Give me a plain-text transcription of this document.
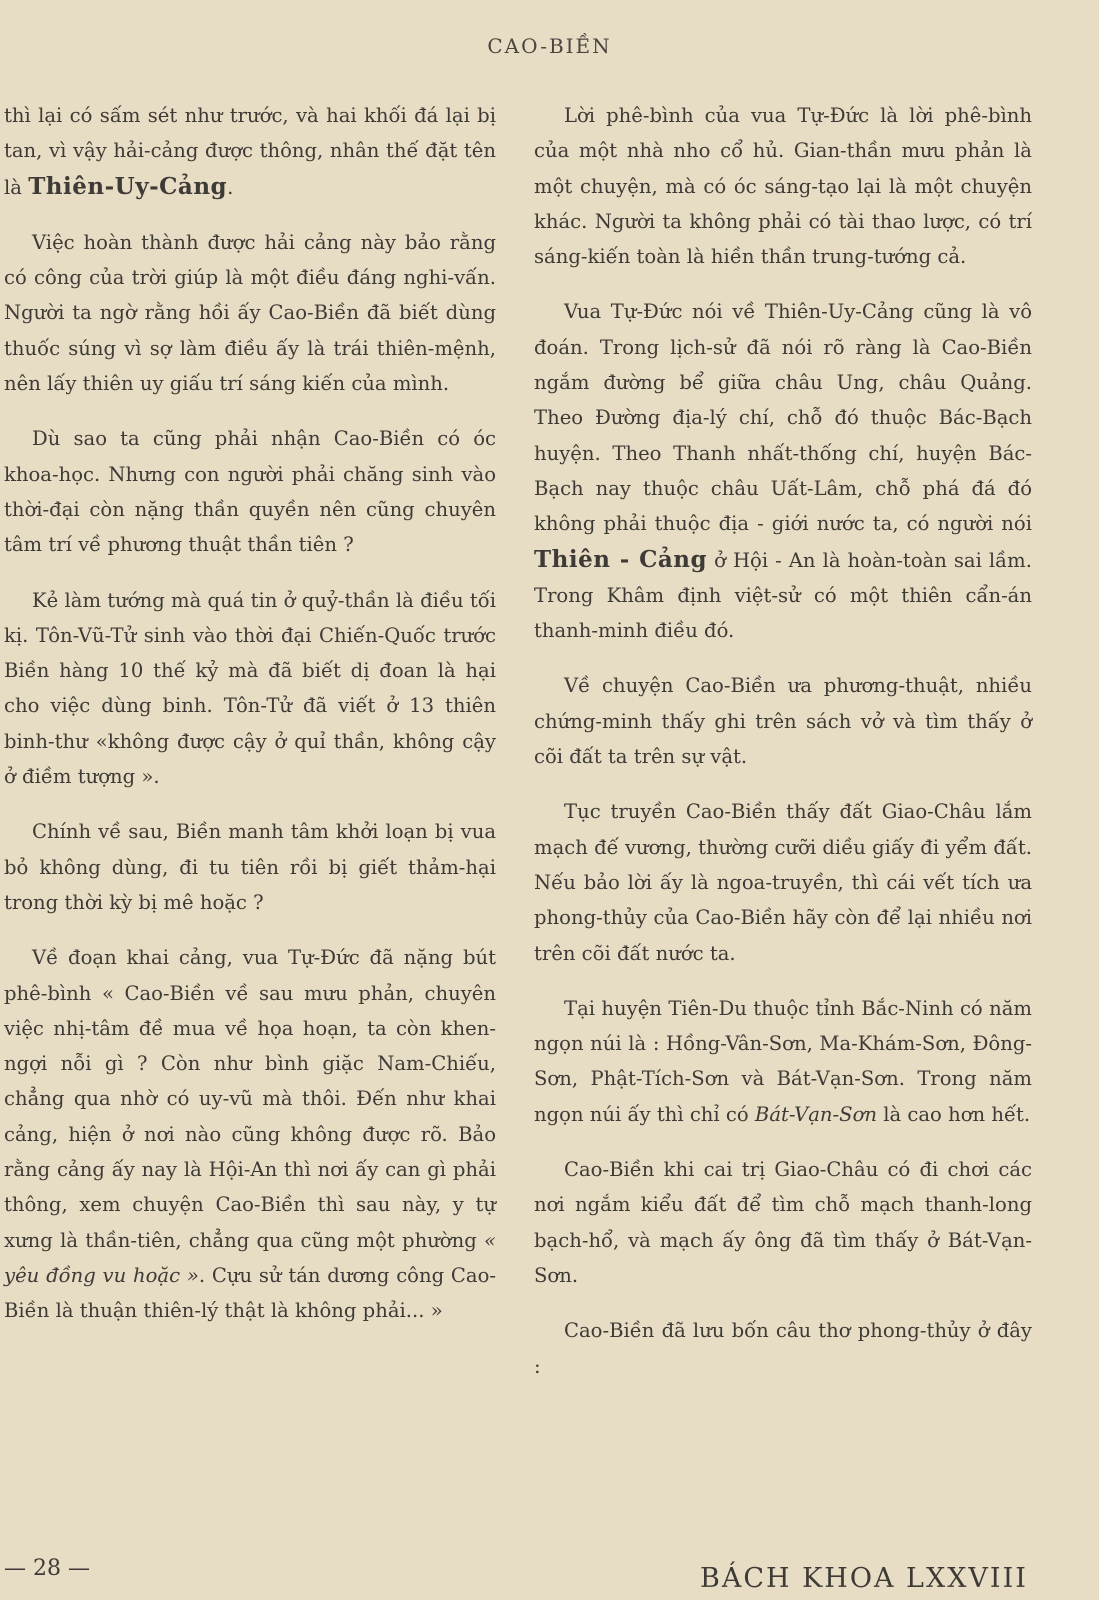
CAO-BIỀN

thì lại có sấm sét như trước, và hai khối đá lại bị tan, vì vậy hải-cảng được thông, nhân thế đặt tên là Thiên-Uy-Cảng.

Việc hoàn thành được hải cảng này bảo rằng có công của trời giúp là một điều đáng nghi-vấn. Người ta ngờ rằng hồi ấy Cao-Biền đã biết dùng thuốc súng vì sợ làm điều ấy là trái thiên-mệnh, nên lấy thiên uy giấu trí sáng kiến của mình.

Dù sao ta cũng phải nhận Cao-Biền có óc khoa-học. Nhưng con người phải chăng sinh vào thời-đại còn nặng thần quyền nên cũng chuyên tâm trí về phương thuật thần tiên ?

Kẻ làm tướng mà quá tin ở quỷ-thần là điều tối kị. Tôn-Vũ-Tử sinh vào thời đại Chiến-Quốc trước Biền hàng 10 thế kỷ mà đã biết dị đoan là hại cho việc dùng binh. Tôn-Tử đã viết ở 13 thiên binh-thư «không được cậy ở quỉ thần, không cậy ở điềm tượng ».

Chính về sau, Biền manh tâm khởi loạn bị vua bỏ không dùng, đi tu tiên rồi bị giết thảm-hại trong thời kỳ bị mê hoặc ?

Về đoạn khai cảng, vua Tự-Đức đã nặng bút phê-bình « Cao-Biền về sau mưu phản, chuyên việc nhị-tâm đề mua về họa hoạn, ta còn khen-ngợi nỗi gì ? Còn như bình giặc Nam-Chiếu, chẳng qua nhờ có uy-vũ mà thôi. Đến như khai cảng, hiện ở nơi nào cũng không được rõ. Bảo rằng cảng ấy nay là Hội-An thì nơi ấy can gì phải thông, xem chuyện Cao-Biền thì sau này, y tự xưng là thần-tiên, chẳng qua cũng một phường « yêu đồng vu hoặc ». Cựu sử tán dương công Cao-Biền là thuận thiên-lý thật là không phải... »

Lời phê-bình của vua Tự-Đức là lời phê-bình của một nhà nho cổ hủ. Gian-thần mưu phản là một chuyện, mà có óc sáng-tạo lại là một chuyện khác. Người ta không phải có tài thao lược, có trí sáng-kiến toàn là hiền thần trung-tướng cả.

Vua Tự-Đức nói về Thiên-Uy-Cảng cũng là vô đoán. Trong lịch-sử đã nói rõ ràng là Cao-Biền ngắm đường bể giữa châu Ung, châu Quảng. Theo Đường địa-lý chí, chỗ đó thuộc Bác-Bạch huyện. Theo Thanh nhất-thống chí, huyện Bác-Bạch nay thuộc châu Uất-Lâm, chỗ phá đá đó không phải thuộc địa - giới nước ta, có người nói Thiên - Cảng ở Hội - An là hoàn-toàn sai lầm. Trong Khâm định việt-sử có một thiên cẩn-án thanh-minh điều đó.

Về chuyện Cao-Biền ưa phương-thuật, nhiều chứng-minh thấy ghi trên sách vở và tìm thấy ở cõi đất ta trên sự vật.

Tục truyền Cao-Biền thấy đất Giao-Châu lắm mạch đế vương, thường cưỡi diều giấy đi yểm đất. Nếu bảo lời ấy là ngoa-truyền, thì cái vết tích ưa phong-thủy của Cao-Biền hãy còn để lại nhiều nơi trên cõi đất nước ta.

Tại huyện Tiên-Du thuộc tỉnh Bắc-Ninh có năm ngọn núi là : Hồng-Vân-Sơn, Ma-Khám-Sơn, Đông-Sơn, Phật-Tích-Sơn và Bát-Vạn-Sơn. Trong năm ngọn núi ấy thì chỉ có Bát-Vạn-Sơn là cao hơn hết.

Cao-Biền khi cai trị Giao-Châu có đi chơi các nơi ngắm kiểu đất để tìm chỗ mạch thanh-long bạch-hổ, và mạch ấy ông đã tìm thấy ở Bát-Vạn-Sơn.

Cao-Biền đã lưu bốn câu thơ phong-thủy ở đây :

— 28 —	BÁCH KHOA LXXVIII
